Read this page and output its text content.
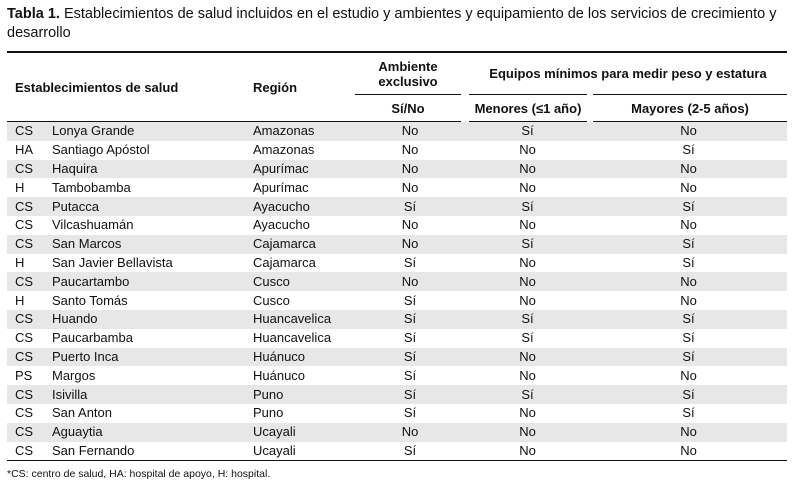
Tabla 1. Establecimientos de salud incluidos en el estudio y ambientes y equipamiento de los servicios de crecimiento y desarrollo
Establecimientos de salud		Región	Ambiente exclusivo	Equipos mínimos para medir peso y estatura	
			Sí/No	Menores (≤1 año)	Mayores (2-5 años)
CS	Lonya Grande	Amazonas	No	Sí	No
HA	Santiago Apóstol	Amazonas	No	No	Sí
CS	Haquira	Apurímac	No	No	No
H	Tambobamba	Apurímac	No	No	No
CS	Putacca	Ayacucho	Sí	Sí	Sí
CS	Vilcashuamán	Ayacucho	No	No	No
CS	San Marcos	Cajamarca	No	Sí	Sí
H	San Javier Bellavista	Cajamarca	Sí	No	Sí
CS	Paucartambo	Cusco	No	No	No
H	Santo Tomás	Cusco	Sí	No	No
CS	Huando	Huancavelica	Sí	Sí	Sí
CS	Paucarbamba	Huancavelica	Sí	Sí	Sí
CS	Puerto Inca	Huánuco	Sí	No	Sí
PS	Margos	Huánuco	Sí	No	No
CS	Isivilla	Puno	Sí	Sí	Sí
CS	San Anton	Puno	Sí	No	Sí
CS	Aguaytia	Ucayali	No	No	No
CS	San Fernando	Ucayali	Sí	No	No
*CS: centro de salud, HA: hospital de apoyo, H: hospital.
